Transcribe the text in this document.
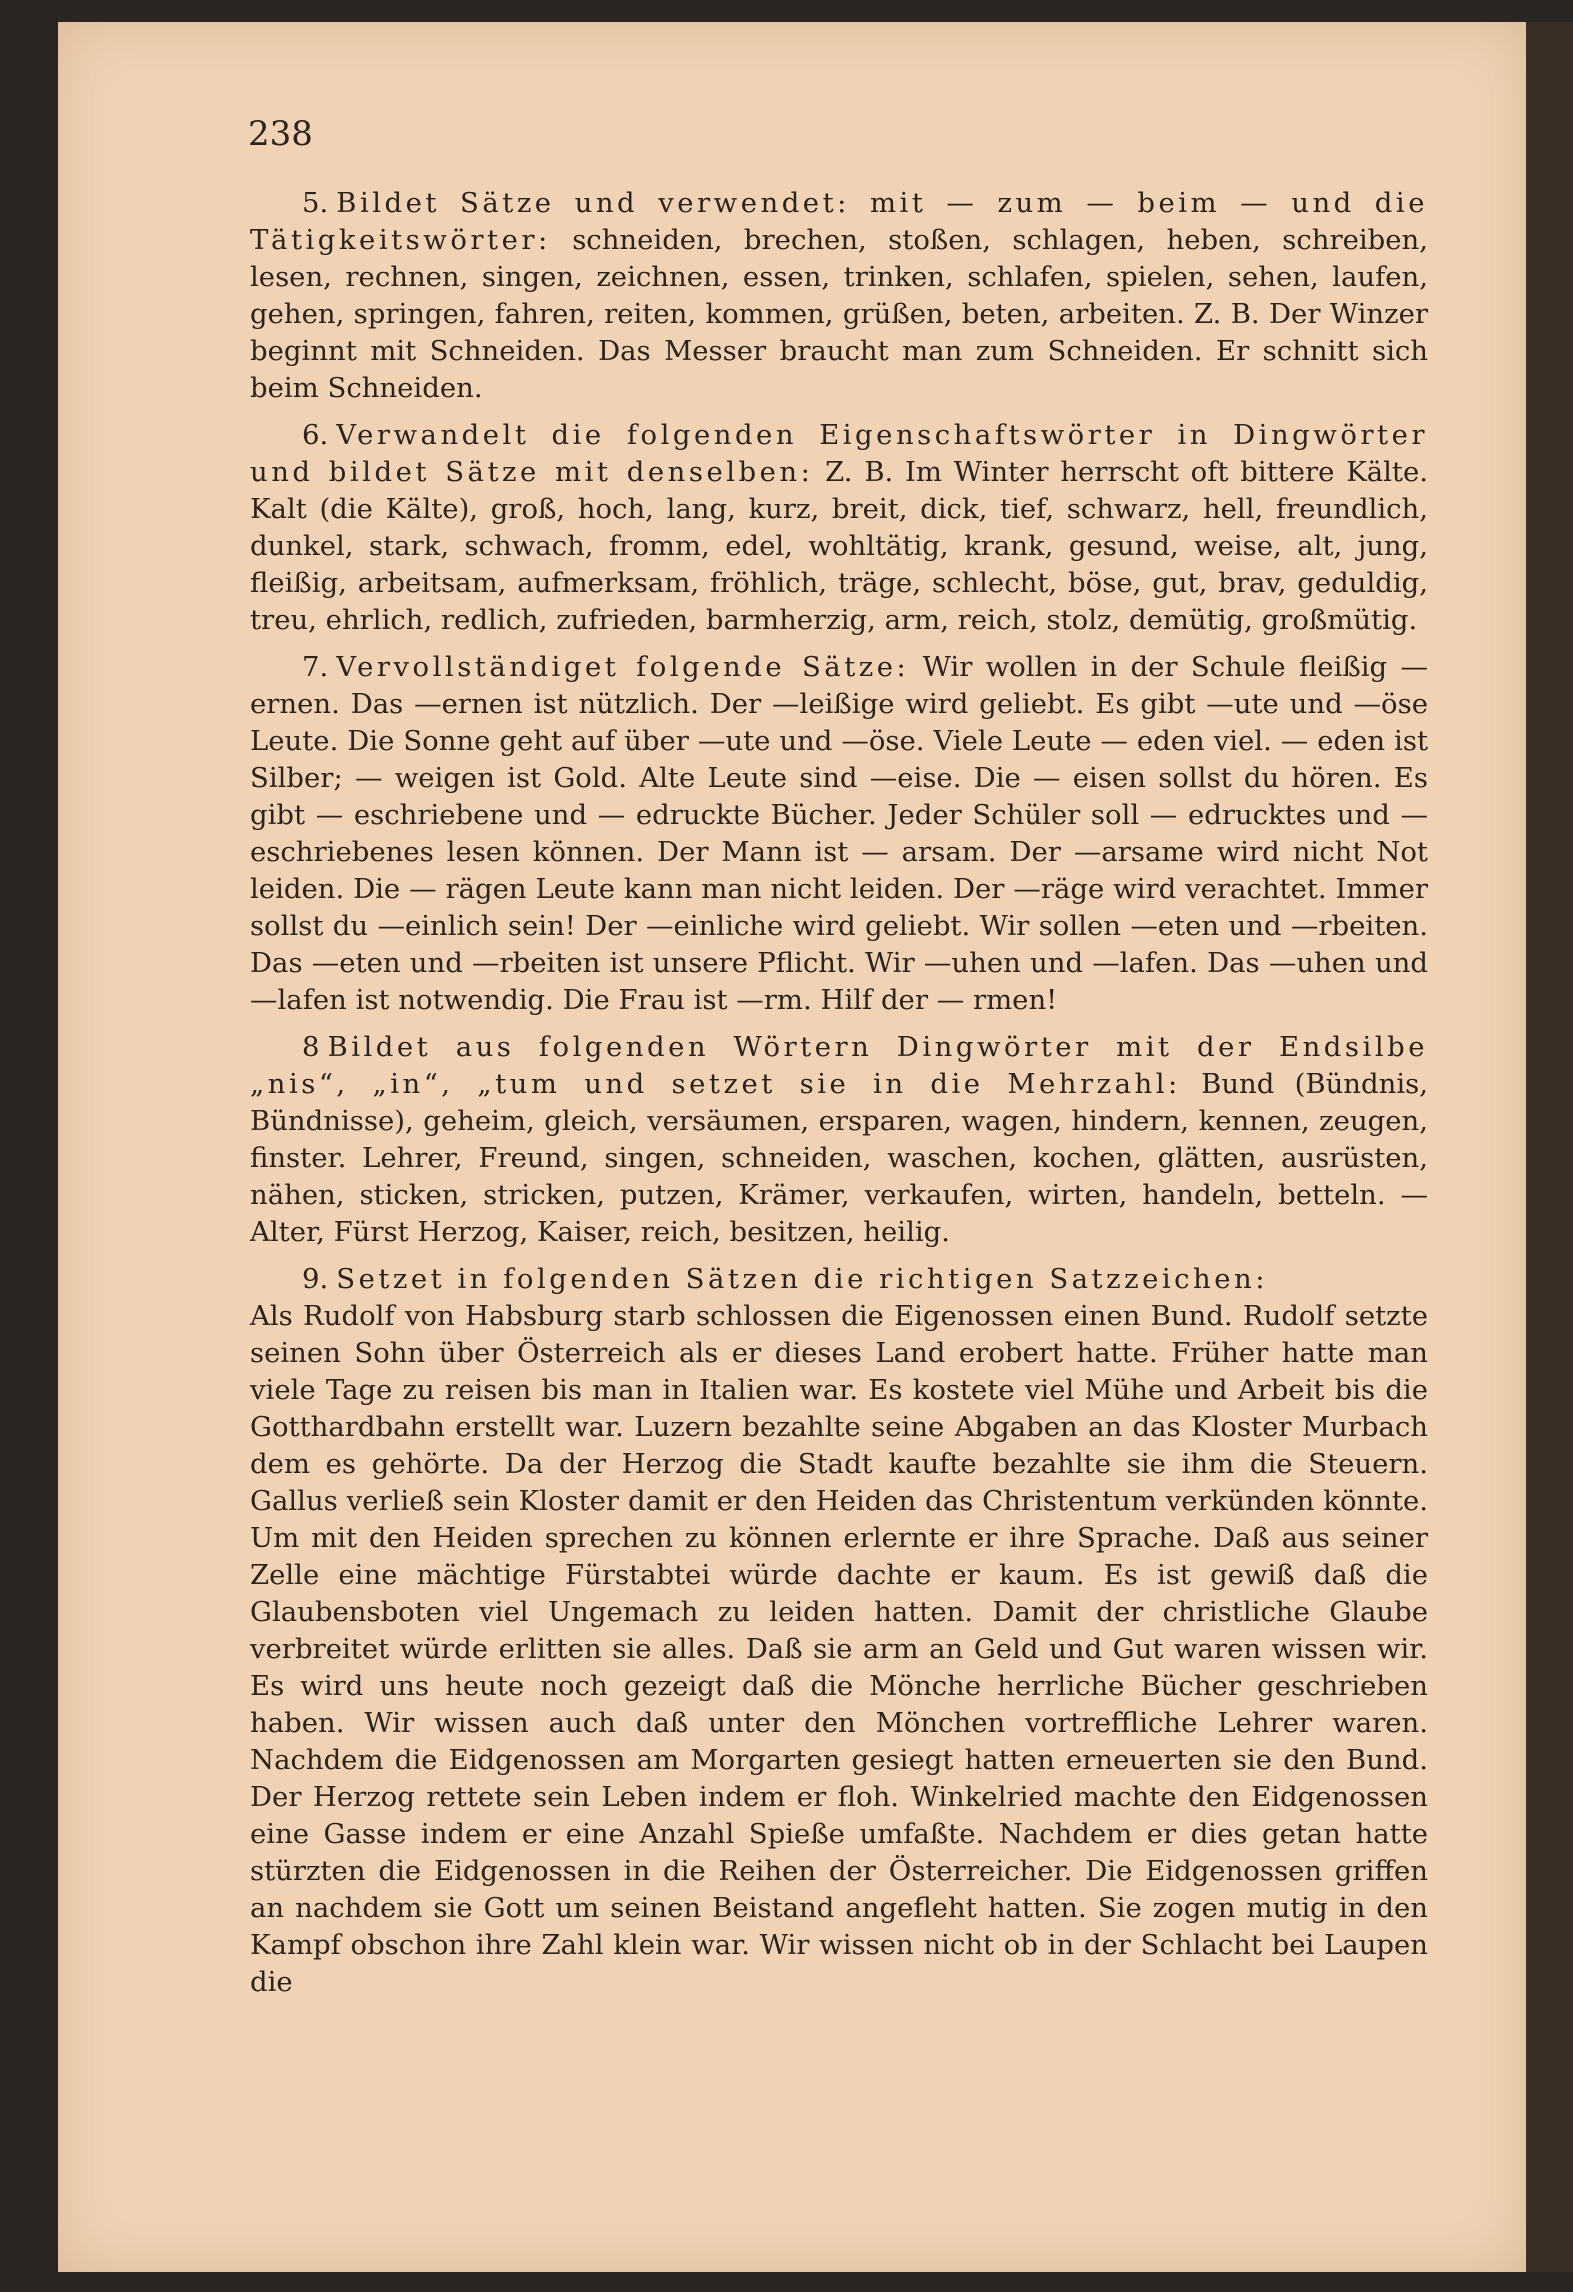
238

5. Bildet Sätze und verwendet: mit — zum — beim — und die Tätigkeitswörter: schneiden, brechen, stoßen, schlagen, heben, schreiben, lesen, rechnen, singen, zeichnen, essen, trinken, schlafen, spielen, sehen, laufen, gehen, springen, fahren, reiten, kommen, grüßen, beten, arbeiten. Z. B. Der Winzer beginnt mit Schneiden. Das Messer braucht man zum Schneiden. Er schnitt sich beim Schneiden.

6. Verwandelt die folgenden Eigenschaftswörter in Dingwörter und bildet Sätze mit denselben: Z. B. Im Winter herrscht oft bittere Kälte. Kalt (die Kälte), groß, hoch, lang, kurz, breit, dick, tief, schwarz, hell, freundlich, dunkel, stark, schwach, fromm, edel, wohltätig, krank, gesund, weise, alt, jung, fleißig, arbeitsam, aufmerksam, fröhlich, träge, schlecht, böse, gut, brav, geduldig, treu, ehrlich, redlich, zufrieden, barmherzig, arm, reich, stolz, demütig, großmütig.

7. Vervollständiget folgende Sätze: Wir wollen in der Schule fleißig —ernen. Das —ernen ist nützlich. Der —leißige wird geliebt. Es gibt —ute und —öse Leute. Die Sonne geht auf über —ute und —öse. Viele Leute — eden viel. — eden ist Silber; — weigen ist Gold. Alte Leute sind —eise. Die — eisen sollst du hören. Es gibt — eschriebene und — edruckte Bücher. Jeder Schüler soll — edrucktes und —eschriebenes lesen können. Der Mann ist — arsam. Der —arsame wird nicht Not leiden. Die — rägen Leute kann man nicht leiden. Der —räge wird verachtet. Immer sollst du —einlich sein! Der —einliche wird geliebt. Wir sollen —eten und —rbeiten. Das —eten und —rbeiten ist unsere Pflicht. Wir —uhen und —lafen. Das —uhen und —lafen ist notwendig. Die Frau ist —rm. Hilf der — rmen!

8 Bildet aus folgenden Wörtern Dingwörter mit der Endsilbe „nis“, „in“, „tum und setzet sie in die Mehrzahl: Bund (Bündnis, Bündnisse), geheim, gleich, versäumen, ersparen, wagen, hindern, kennen, zeugen, finster. Lehrer, Freund, singen, schneiden, waschen, kochen, glätten, ausrüsten, nähen, sticken, stricken, putzen, Krämer, verkaufen, wirten, handeln, betteln. — Alter, Fürst Herzog, Kaiser, reich, besitzen, heilig.

9. Setzet in folgenden Sätzen die richtigen Satzzeichen:

Als Rudolf von Habsburg starb schlossen die Eigenossen einen Bund. Rudolf setzte seinen Sohn über Österreich als er dieses Land erobert hatte. Früher hatte man viele Tage zu reisen bis man in Italien war. Es kostete viel Mühe und Arbeit bis die Gotthardbahn erstellt war. Luzern bezahlte seine Abgaben an das Kloster Murbach dem es gehörte. Da der Herzog die Stadt kaufte bezahlte sie ihm die Steuern. Gallus verließ sein Kloster damit er den Heiden das Christentum verkünden könnte. Um mit den Heiden sprechen zu können erlernte er ihre Sprache. Daß aus seiner Zelle eine mächtige Fürstabtei würde dachte er kaum. Es ist gewiß daß die Glaubensboten viel Ungemach zu leiden hatten. Damit der christliche Glaube verbreitet würde erlitten sie alles. Daß sie arm an Geld und Gut waren wissen wir. Es wird uns heute noch gezeigt daß die Mönche herrliche Bücher geschrieben haben. Wir wissen auch daß unter den Mönchen vortreffliche Lehrer waren. Nachdem die Eidgenossen am Morgarten gesiegt hatten erneuerten sie den Bund. Der Herzog rettete sein Leben indem er floh. Winkelried machte den Eidgenossen eine Gasse indem er eine Anzahl Spieße umfaßte. Nachdem er dies getan hatte stürzten die Eidgenossen in die Reihen der Österreicher. Die Eidgenossen griffen an nachdem sie Gott um seinen Beistand angefleht hatten. Sie zogen mutig in den Kampf obschon ihre Zahl klein war. Wir wissen nicht ob in der Schlacht bei Laupen die
